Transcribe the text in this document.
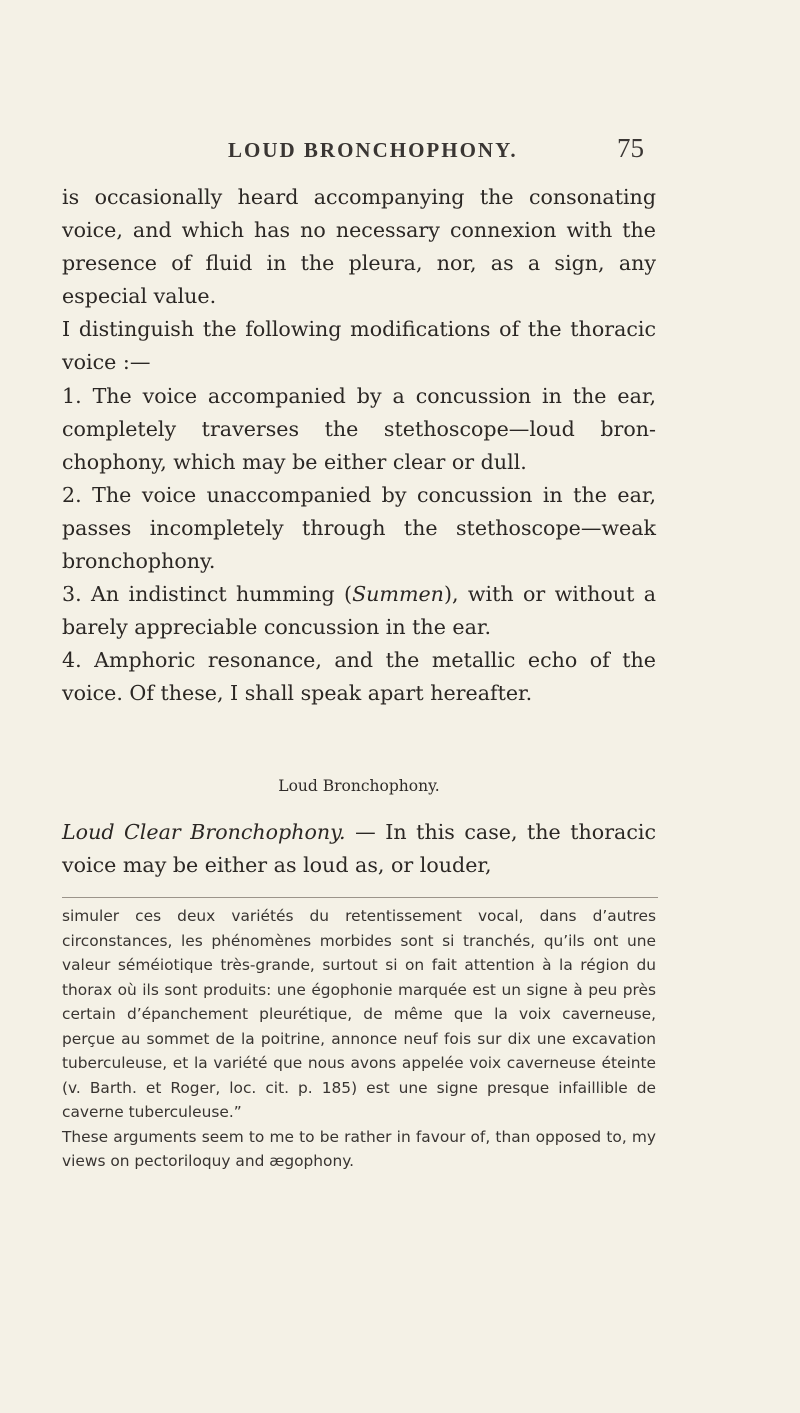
LOUD BRONCHOPHONY.	75

is occasionally heard accompanying the consonating voice, and which has no necessary connexion with the presence of fluid in the pleura, nor, as a sign, any especial value.

I distinguish the following modifications of the thoracic voice :—

1. The voice accompanied by a concussion in the ear, completely traverses the stethoscope—loud bronchophony, which may be either clear or dull.

2. The voice unaccompanied by concussion in the ear, passes incompletely through the stethoscope—weak bronchophony.

3. An indistinct humming (Summen), with or without a barely appreciable concussion in the ear.

4. Amphoric resonance, and the metallic echo of the voice. Of these, I shall speak apart hereafter.

Loud Bronchophony.
Loud Clear Bronchophony. — In this case, the thoracic voice may be either as loud as, or louder,

simuler ces deux variétés du retentissement vocal, dans d’autres circonstances, les phénomènes morbides sont si tranchés, qu’ils ont une valeur séméiotique très-grande, surtout si on fait attention à la région du thorax où ils sont produits: une égophonie marquée est un signe à peu près certain d’épanchement pleurétique, de même que la voix caverneuse, perçue au sommet de la poitrine, annonce neuf fois sur dix une excavation tuberculeuse, et la variété que nous avons appelée voix caverneuse éteinte (v. Barth. et Roger, loc. cit. p. 185) est une signe presque infaillible de caverne tuberculeuse.”

These arguments seem to me to be rather in favour of, than opposed to, my views on pectoriloquy and ægophony.
